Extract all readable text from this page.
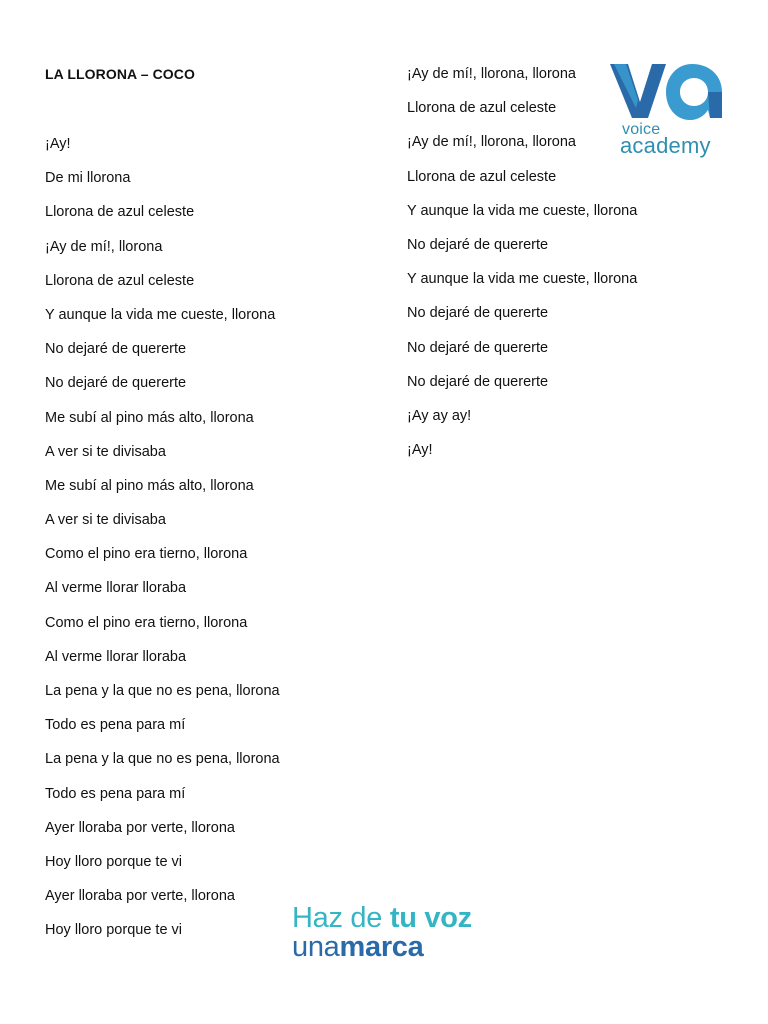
LA LLORONA – COCO
¡Ay!
De mi llorona
Llorona de azul celeste
¡Ay de mí!, llorona
Llorona de azul celeste
Y aunque la vida me cueste, llorona
No dejaré de quererte
No dejaré de quererte
Me subí al pino más alto, llorona
A ver si te divisaba
Me subí al pino más alto, llorona
A ver si te divisaba
Como el pino era tierno, llorona
Al verme llorar lloraba
Como el pino era tierno, llorona
Al verme llorar lloraba
La pena y la que no es pena, llorona
Todo es pena para mí
La pena y la que no es pena, llorona
Todo es pena para mí
Ayer lloraba por verte, llorona
Hoy lloro porque te vi
Ayer lloraba por verte, llorona
Hoy lloro porque te vi
¡Ay de mí!, llorona, llorona
Llorona de azul celeste
¡Ay de mí!, llorona, llorona
Llorona de azul celeste
Y aunque la vida me cueste, llorona
No dejaré de quererte
Y aunque la vida me cueste, llorona
No dejaré de quererte
No dejaré de quererte
No dejaré de quererte
¡Ay ay ay!
¡Ay!
voice
academy
Haz de tu voz
unamarca
